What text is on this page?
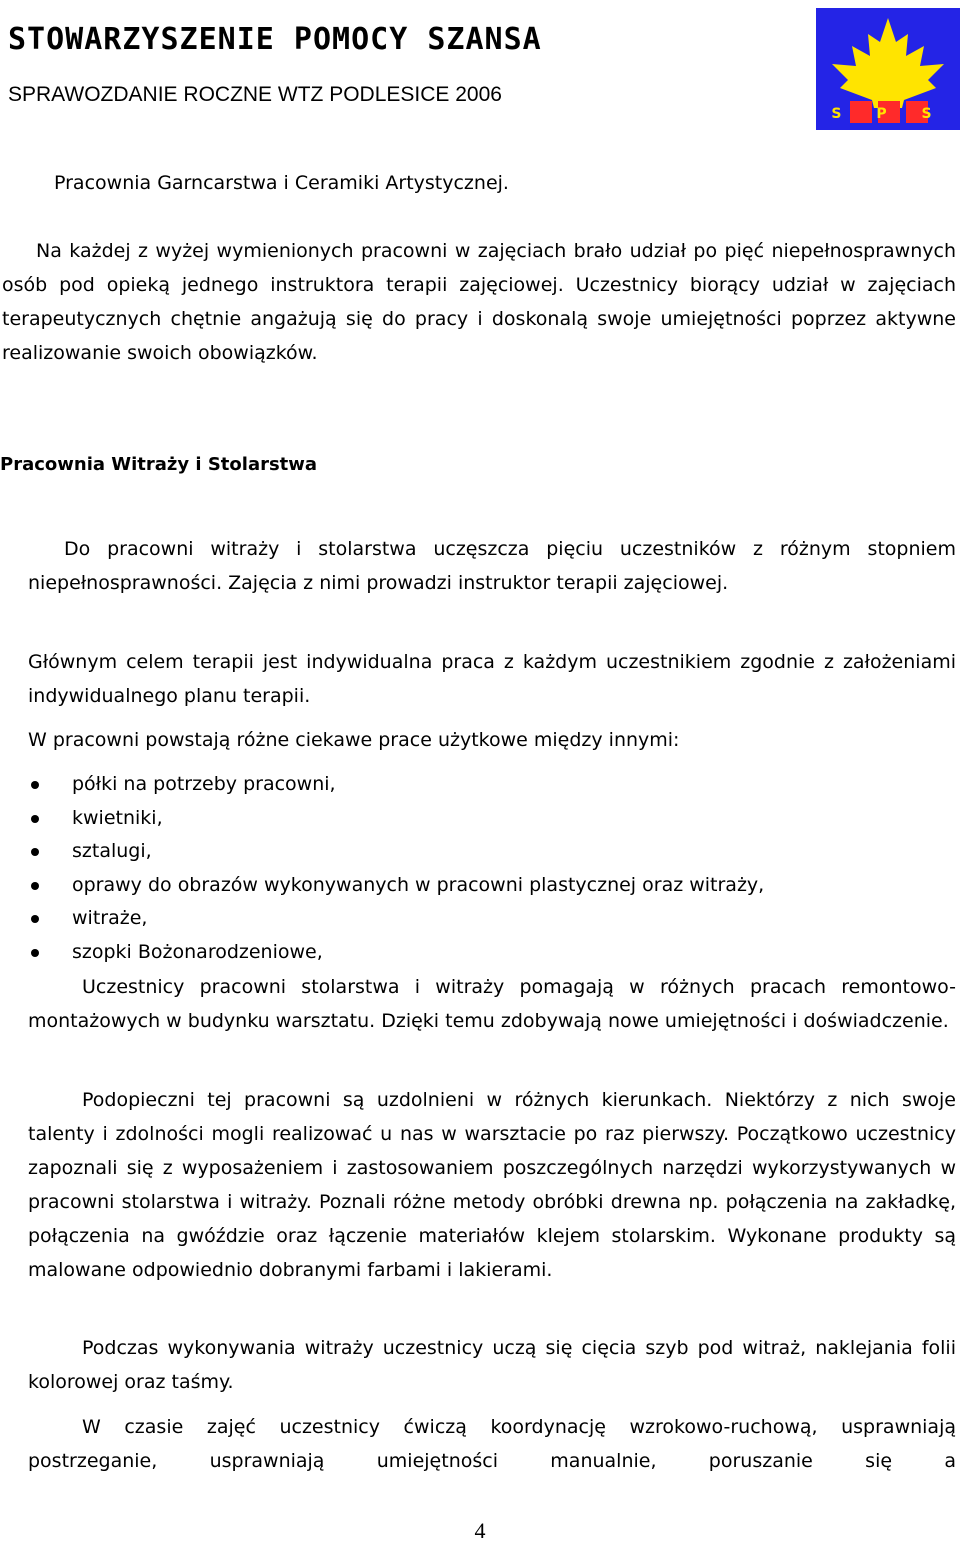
STOWARZYSZENIE POMOCY SZANSA
SPRAWOZDANIE ROCZNE WTZ PODLESICE 2006
S P S

Pracownia Garncarstwa i Ceramiki Artystycznej.

Na każdej z wyżej wymienionych pracowni w zajęciach brało udział po pięć niepełnosprawnych osób pod opieką jednego instruktora terapii zajęciowej. Uczestnicy biorący udział w zajęciach terapeutycznych chętnie angażują się do pracy i doskonalą swoje umiejętności poprzez aktywne realizowanie swoich obowiązków.

Pracownia Witraży i Stolarstwa

Do pracowni witraży i stolarstwa uczęszcza pięciu uczestników z różnym stopniem niepełnosprawności. Zajęcia z nimi prowadzi instruktor terapii zajęciowej.

Głównym celem terapii jest indywidualna praca z każdym uczestnikiem zgodnie z założeniami indywidualnego planu terapii.

W pracowni powstają różne ciekawe prace użytkowe między innymi:

półki na potrzeby pracowni,
kwietniki,
sztalugi,
oprawy do obrazów wykonywanych w pracowni plastycznej oraz witraży,
witraże,
szopki Bożonarodzeniowe,

Uczestnicy pracowni stolarstwa i witraży pomagają w różnych pracach remontowo-montażowych w budynku warsztatu. Dzięki temu zdobywają nowe umiejętności i doświadczenie.

Podopieczni tej pracowni są uzdolnieni w różnych kierunkach. Niektórzy z nich swoje talenty i zdolności mogli realizować u nas w warsztacie po raz pierwszy. Początkowo uczestnicy zapoznali się z wyposażeniem i zastosowaniem poszczególnych narzędzi wykorzystywanych w pracowni stolarstwa i witraży. Poznali różne metody obróbki drewna np. połączenia na zakładkę, połączenia na gwóździe oraz łączenie materiałów klejem stolarskim. Wykonane produkty są malowane odpowiednio dobranymi farbami i lakierami.

Podczas wykonywania witraży uczestnicy uczą się cięcia szyb pod witraż, naklejania folii kolorowej oraz taśmy.

W czasie zajęć uczestnicy ćwiczą koordynację wzrokowo-ruchową, usprawniają postrzeganie, usprawniają umiejętności manualnie, poruszanie się a

4
